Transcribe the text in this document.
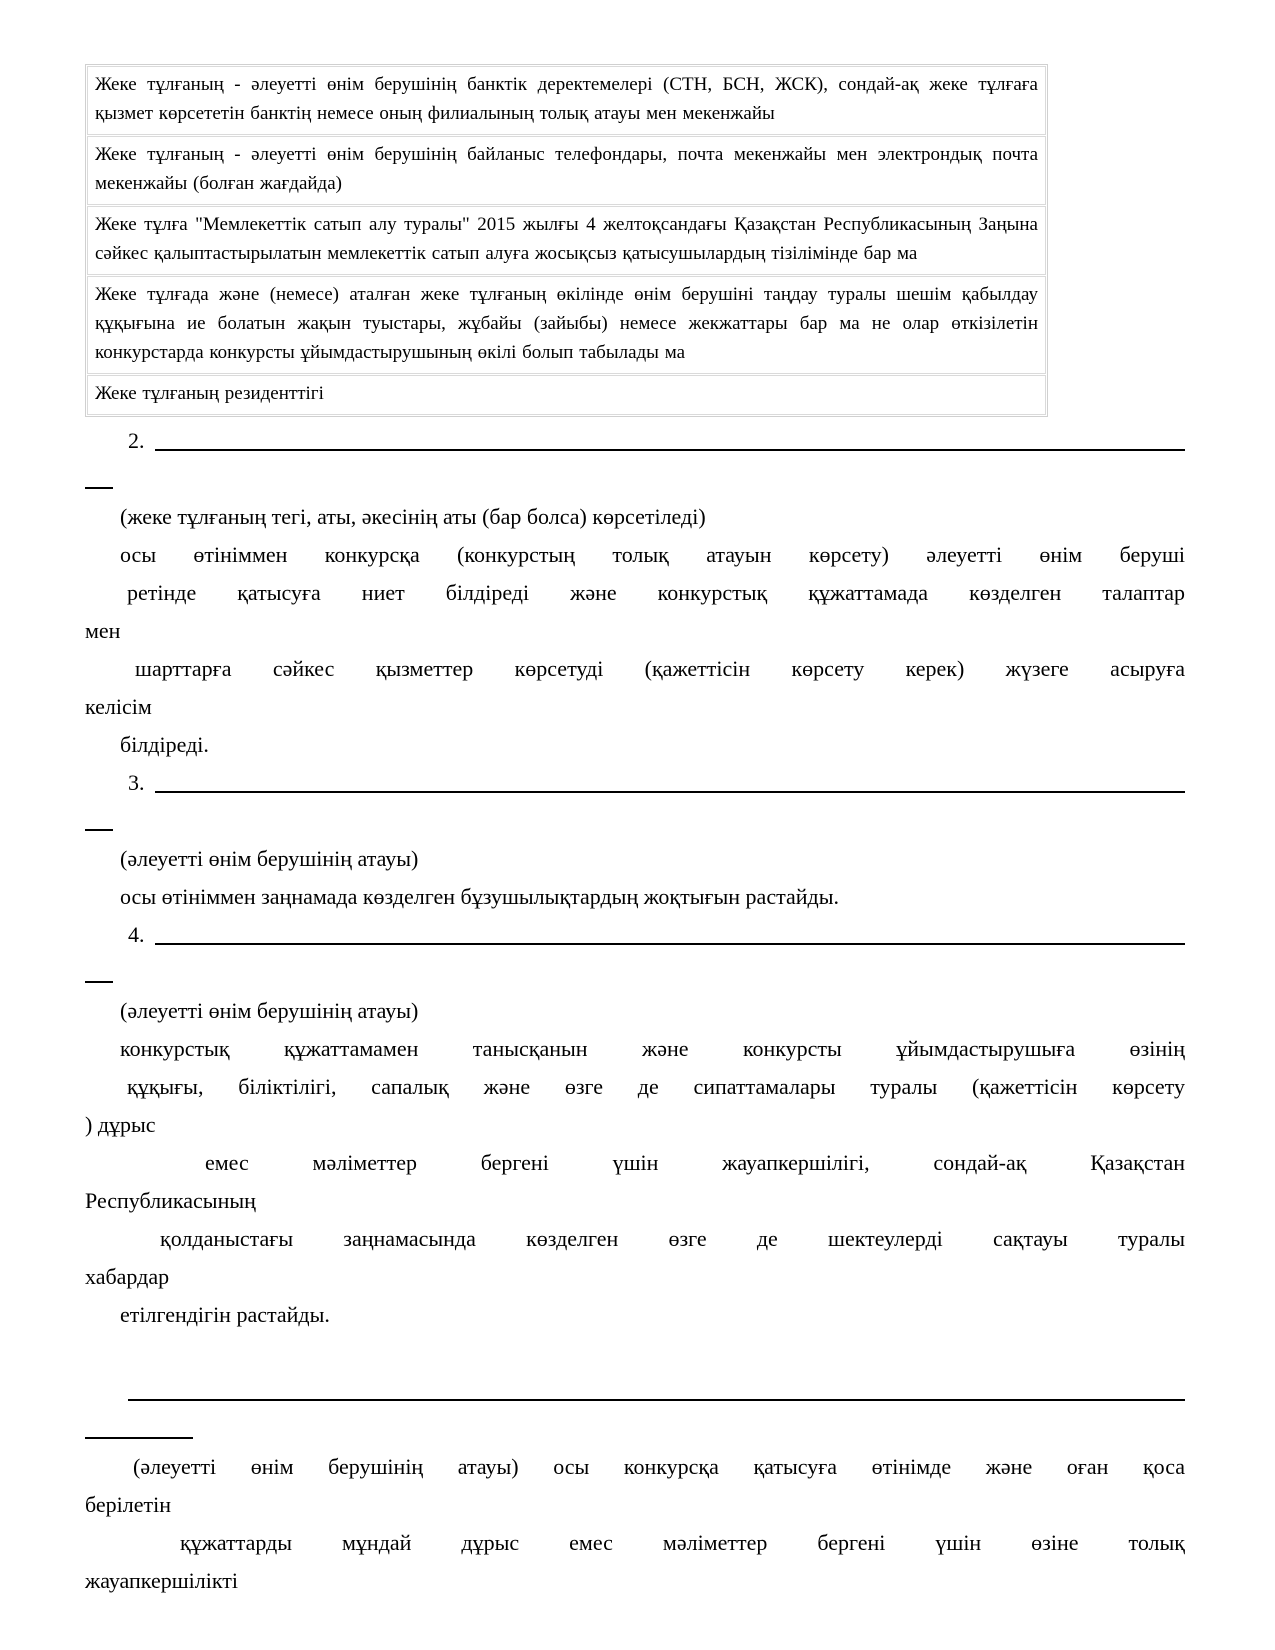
Жеке тұлғаның - әлеуетті өнім берушінің банктік деректемелері (СТН, БСН, ЖСК), сондай-ақ жеке тұлғаға қызмет көрсететін банктің немесе оның филиалының толық атауы мен мекенжайы
Жеке тұлғаның - әлеуетті өнім берушінің байланыс телефондары, почта мекенжайы мен электрондық почта мекенжайы (болған жағдайда)
Жеке тұлға "Мемлекеттік сатып алу туралы" 2015 жылғы 4 желтоқсандағы Қазақстан Республикасының Заңына сәйкес қалыптастырылатын мемлекеттік сатып алуға жосықсыз қатысушылардың тізілімінде бар ма
Жеке тұлғада және (немесе) аталған жеке тұлғаның өкілінде өнім берушіні таңдау туралы шешім қабылдау құқығына ие болатын жақын туыстары, жұбайы (зайыбы) немесе жекжаттары бар ма не олар өткізілетін конкурстарда конкурсты ұйымдастырушының өкілі болып табылады ма
Жеке тұлғаның резиденттігі
2.
(жеке тұлғаның тегі, аты, әкесінің аты (бар болса) көрсетіледі)
осы өтініммен конкурсқа (конкурстың толық атауын көрсету) әлеуетті өнім беруші
ретінде қатысуға ниет білдіреді және конкурстық құжаттамада көзделген талаптар
мен
шарттарға сәйкес қызметтер көрсетуді (қажеттісін көрсету керек) жүзеге асыруға
келісім
білдіреді.
3.
(әлеуетті өнім берушінің атауы)
осы өтініммен заңнамада көзделген бұзушылықтардың жоқтығын растайды.
4.
(әлеуетті өнім берушінің атауы)
конкурстық құжаттамамен танысқанын және конкурсты ұйымдастырушыға өзінің
құқығы, біліктілігі, сапалық және өзге де сипаттамалары туралы (қажеттісін көрсету
) дұрыс
емес мәліметтер бергені үшін жауапкершілігі, сондай-ақ Қазақстан
Республикасының
қолданыстағы заңнамасында көзделген өзге де шектеулерді сақтауы туралы
хабардар
етілгендігін растайды.
(әлеуетті өнім берушінің атауы) осы конкурсқа қатысуға өтінімде және оған қоса
берілетін
құжаттарды мұндай дұрыс емес мәліметтер бергені үшін өзіне толық
жауапкершілікті
